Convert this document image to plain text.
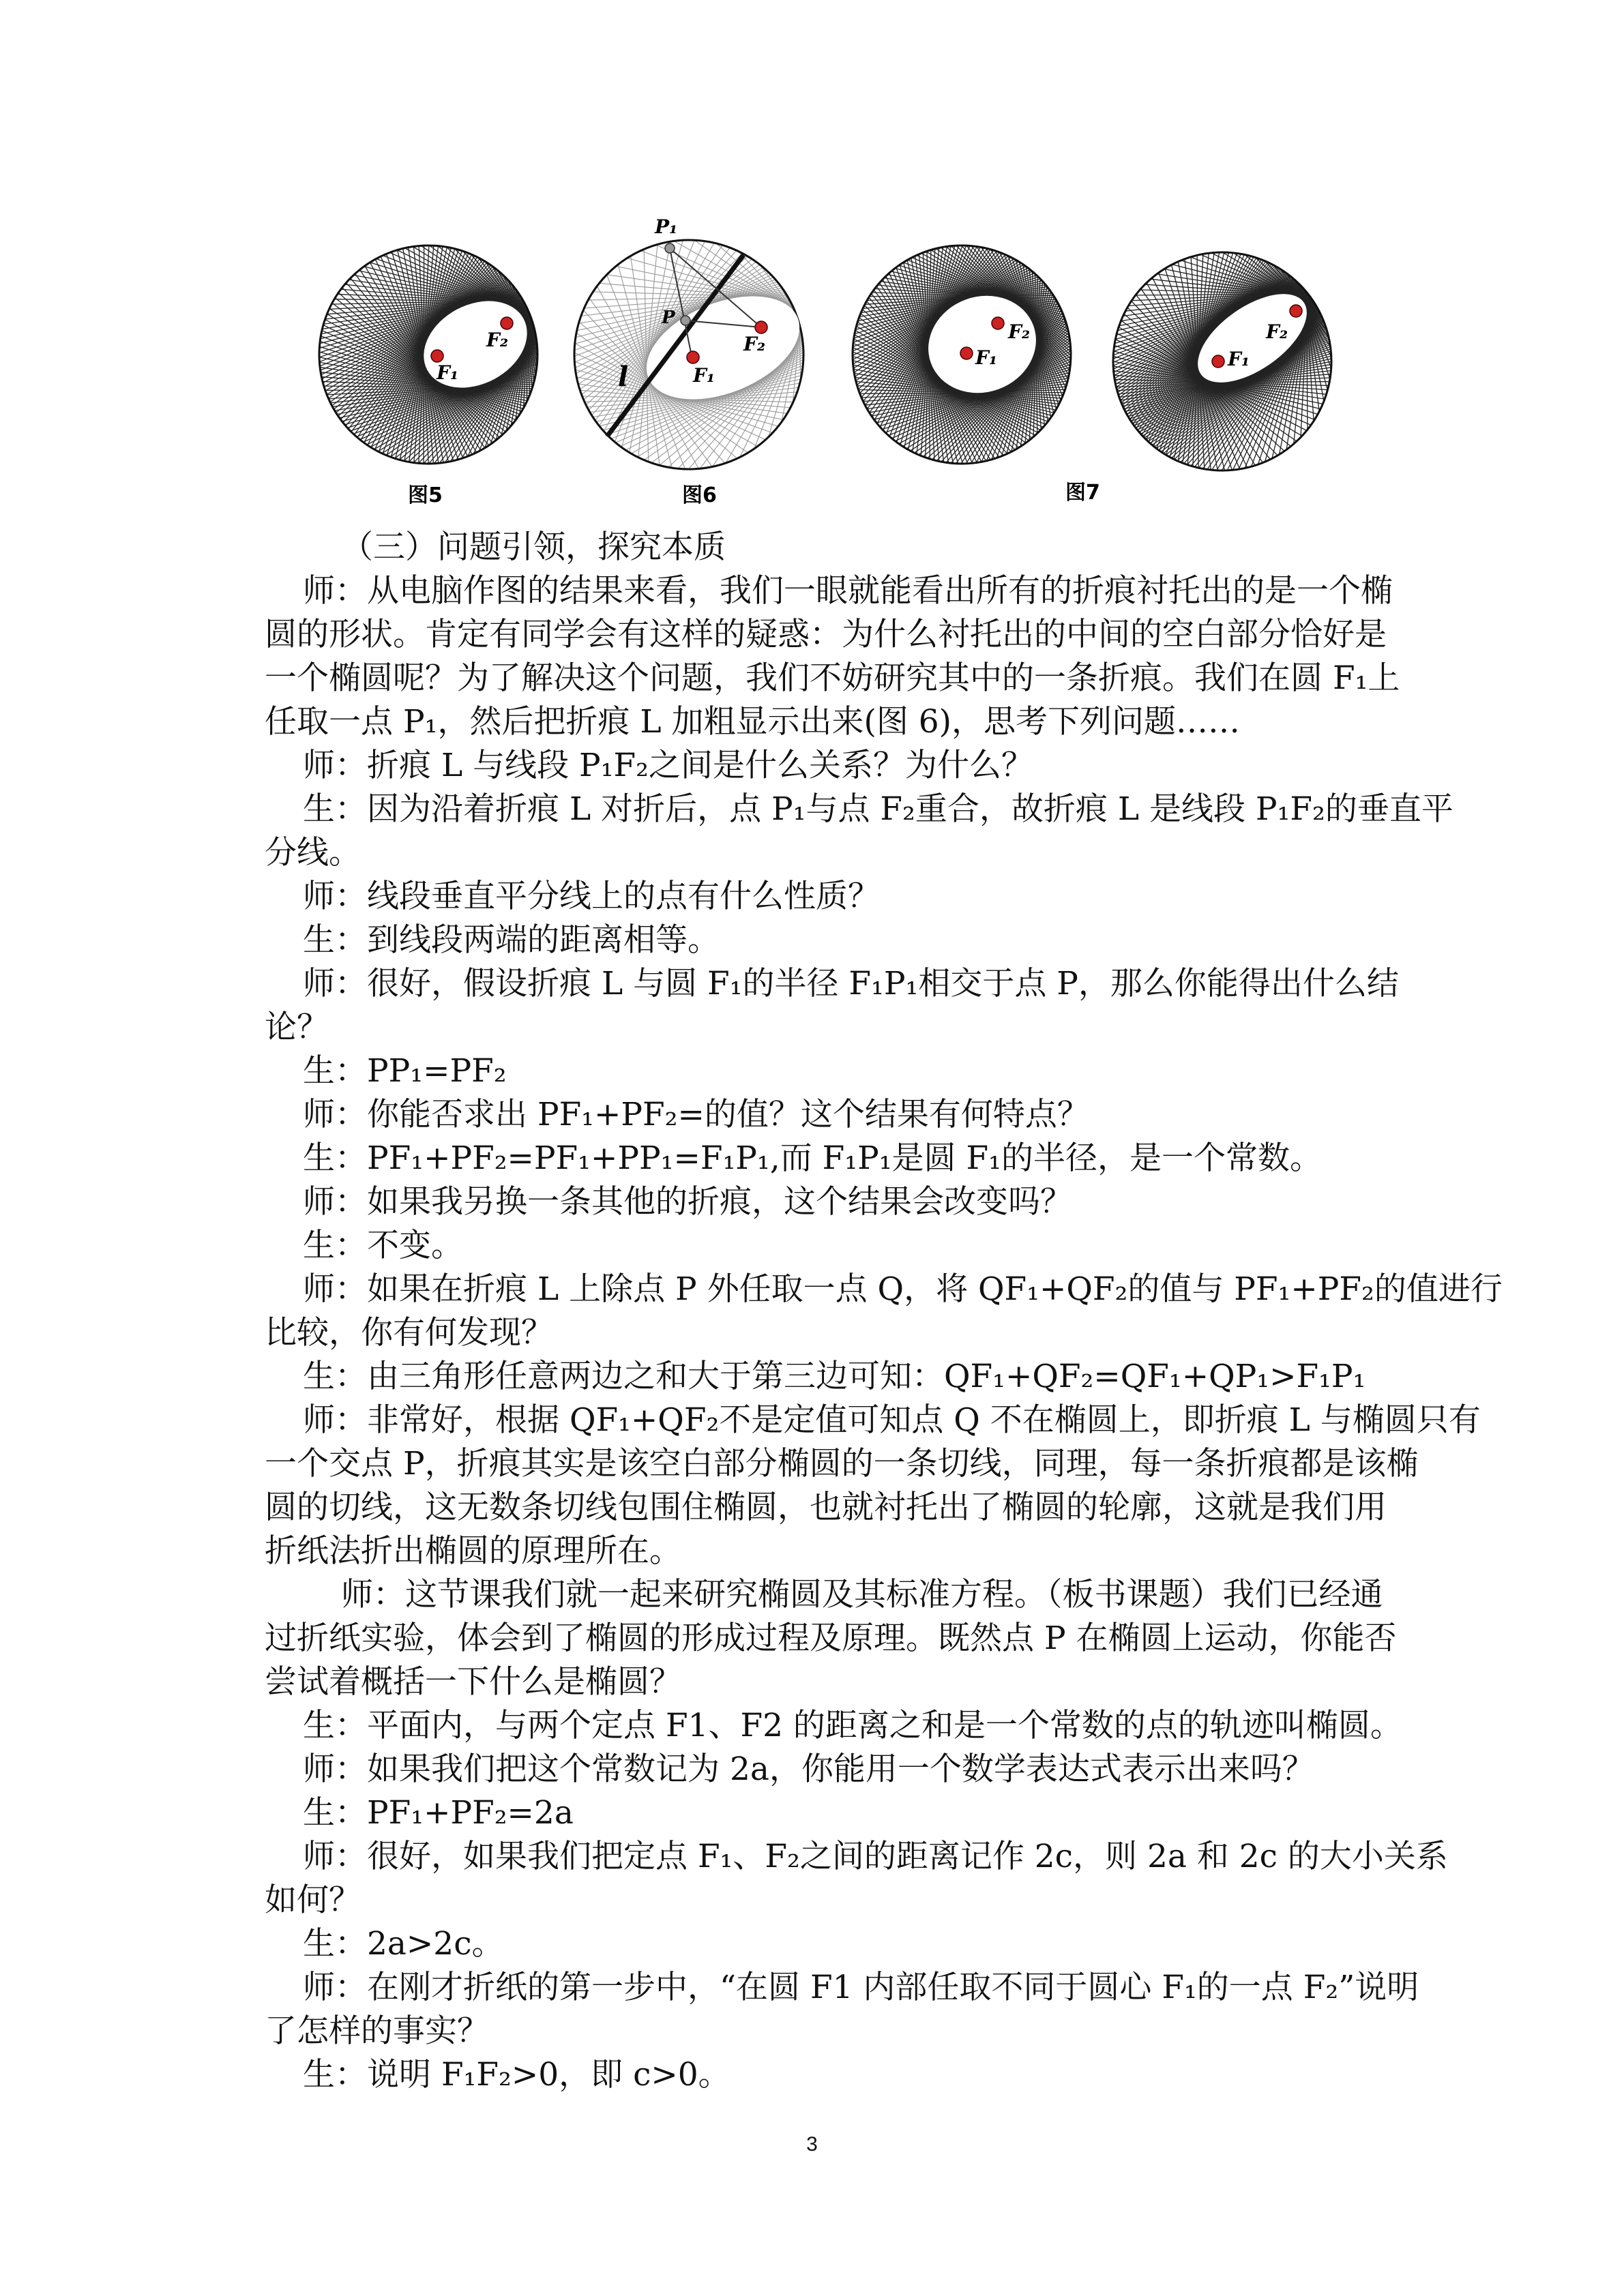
F₁
F₂
图5
P₁
P
F₁
F₂
l
图6
F₁
F₂
图7
F₁
F₂
（三）问题引领，探究本质
师：从电脑作图的结果来看，我们一眼就能看出所有的折痕衬托出的是一个椭
圆的形状。肯定有同学会有这样的疑惑：为什么衬托出的中间的空白部分恰好是
一个椭圆呢？为了解决这个问题，我们不妨研究其中的一条折痕。我们在圆 F₁上
任取一点 P₁，然后把折痕 L 加粗显示出来(图 6)，思考下列问题……
师：折痕 L 与线段 P₁F₂之间是什么关系？为什么？
生：因为沿着折痕 L 对折后，点 P₁与点 F₂重合，故折痕 L 是线段 P₁F₂的垂直平
分线。
师：线段垂直平分线上的点有什么性质？
生：到线段两端的距离相等。
师：很好，假设折痕 L 与圆 F₁的半径 F₁P₁相交于点 P，那么你能得出什么结
论？
生：PP₁=PF₂
师：你能否求出 PF₁+PF₂=的值？这个结果有何特点？
生：PF₁+PF₂=PF₁+PP₁=F₁P₁,而 F₁P₁是圆 F₁的半径，是一个常数。
师：如果我另换一条其他的折痕，这个结果会改变吗？
生：不变。
师：如果在折痕 L 上除点 P 外任取一点 Q，将 QF₁+QF₂的值与 PF₁+PF₂的值进行
比较，你有何发现？
生：由三角形任意两边之和大于第三边可知：QF₁+QF₂=QF₁+QP₁>F₁P₁
师：非常好，根据 QF₁+QF₂不是定值可知点 Q 不在椭圆上，即折痕 L 与椭圆只有
一个交点 P，折痕其实是该空白部分椭圆的一条切线，同理，每一条折痕都是该椭
圆的切线，这无数条切线包围住椭圆，也就衬托出了椭圆的轮廓，这就是我们用
折纸法折出椭圆的原理所在。
师：这节课我们就一起来研究椭圆及其标准方程。（板书课题）我们已经通
过折纸实验，体会到了椭圆的形成过程及原理。既然点 P 在椭圆上运动，你能否
尝试着概括一下什么是椭圆？
生：平面内，与两个定点 F1、F2 的距离之和是一个常数的点的轨迹叫椭圆。
师：如果我们把这个常数记为 2a，你能用一个数学表达式表示出来吗？
生：PF₁+PF₂=2a
师：很好，如果我们把定点 F₁、F₂之间的距离记作 2c，则 2a 和 2c 的大小关系
如何？
生：2a>2c。
师：在刚才折纸的第一步中，“在圆 F1 内部任取不同于圆心 F₁的一点 F₂”说明
了怎样的事实？
生：说明 F₁F₂>0，即 c>0。
3
